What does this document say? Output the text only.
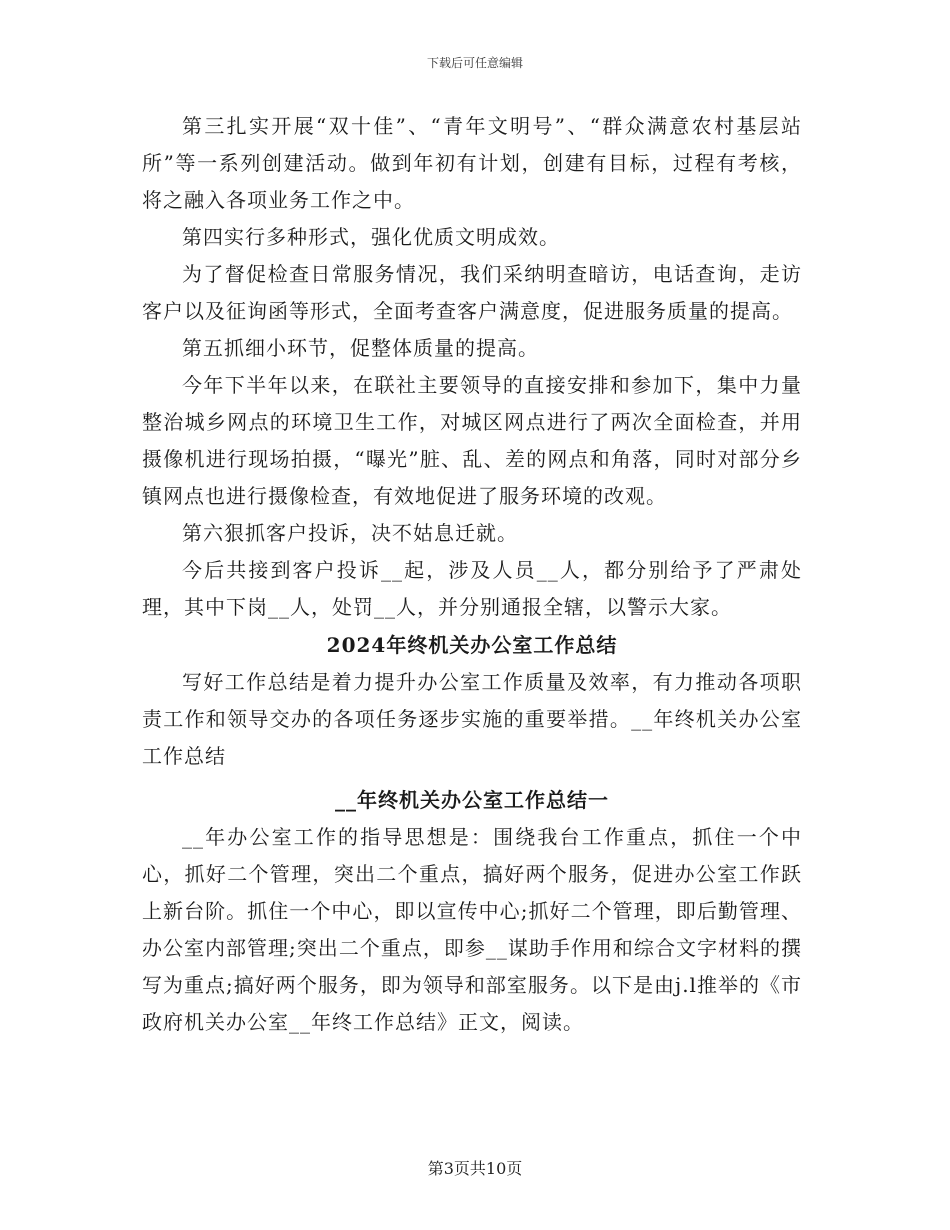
下载后可任意编辑

第三扎实开展“双十佳”、“青年文明号”、“群众满意农村基层站所”等一系列创建活动。做到年初有计划，创建有目标，过程有考核，将之融入各项业务工作之中。

第四实行多种形式，强化优质文明成效。

为了督促检查日常服务情况，我们采纳明查暗访，电话查询，走访客户以及征询函等形式，全面考查客户满意度，促进服务质量的提高。

第五抓细小环节，促整体质量的提高。

今年下半年以来，在联社主要领导的直接安排和参加下，集中力量整治城乡网点的环境卫生工作，对城区网点进行了两次全面检查，并用摄像机进行现场拍摄，“曝光”脏、乱、差的网点和角落，同时对部分乡镇网点也进行摄像检查，有效地促进了服务环境的改观。

第六狠抓客户投诉，决不姑息迁就。

今后共接到客户投诉__起，涉及人员__人，都分别给予了严肃处理，其中下岗__人，处罚__人，并分别通报全辖，以警示大家。

2024年终机关办公室工作总结

写好工作总结是着力提升办公室工作质量及效率，有力推动各项职责工作和领导交办的各项任务逐步实施的重要举措。__年终机关办公室工作总结

__年终机关办公室工作总结一

__年办公室工作的指导思想是：围绕我台工作重点，抓住一个中心，抓好二个管理，突出二个重点，搞好两个服务，促进办公室工作跃上新台阶。抓住一个中心，即以宣传中心;抓好二个管理，即后勤管理、办公室内部管理;突出二个重点，即参__谋助手作用和综合文字材料的撰写为重点;搞好两个服务，即为领导和部室服务。以下是由j.l推举的《市政府机关办公室__年终工作总结》正文，阅读。

第3页共10页
